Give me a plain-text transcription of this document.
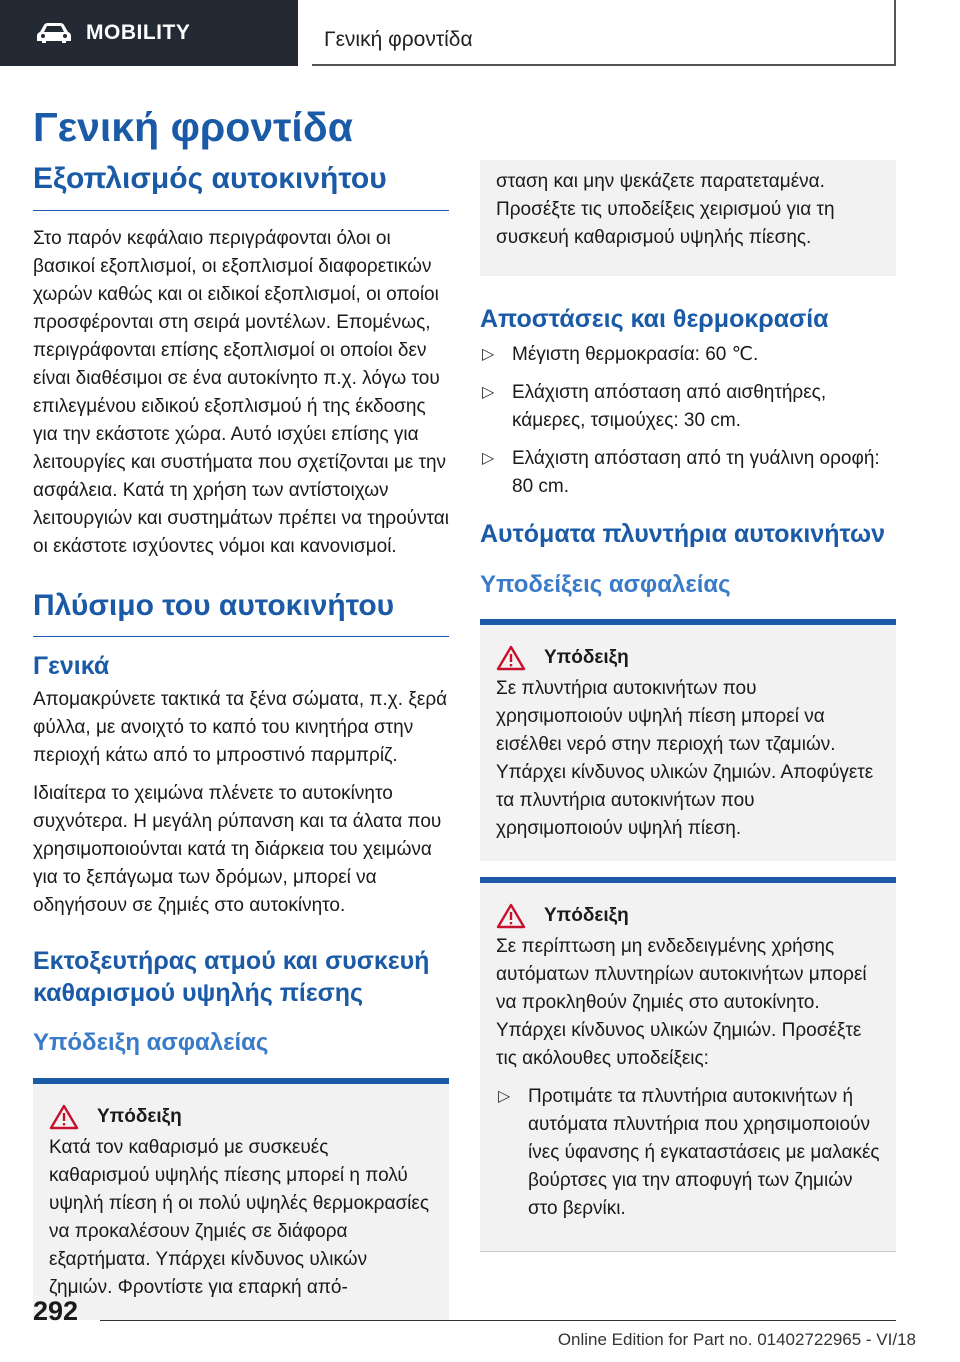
MOBILITY	Γενική φροντίδα
Γενική φροντίδα
Εξοπλισμός αυτοκινήτου

Στο παρόν κεφάλαιο περιγράφονται όλοι οι βασικοί εξοπλισμοί, οι εξοπλισμοί διαφορετικών χωρών καθώς και οι ειδικοί εξοπλισμοί, οι οποίοι προσφέρονται στη σειρά μοντέλων. Επομένως, περιγράφονται επίσης εξοπλισμοί οι οποίοι δεν είναι διαθέσιμοι σε ένα αυτοκίνητο π.χ. λόγω του επιλεγμένου ειδικού εξοπλισμού ή της έκδοσης για την εκάστοτε χώρα. Αυτό ισχύει επίσης για λειτουργίες και συστήματα που σχετίζονται με την ασφάλεια. Κατά τη χρήση των αντίστοιχων λειτουργιών και συστημάτων πρέπει να τηρούνται οι εκάστοτε ισχύοντες νόμοι και κανονισμοί.

Πλύσιμο του αυτοκινήτου
Γενικά

Απομακρύνετε τακτικά τα ξένα σώματα, π.χ. ξερά φύλλα, με ανοιχτό το καπό του κινητήρα στην περιοχή κάτω από το μπροστινό παρμπρίζ.

Ιδιαίτερα το χειμώνα πλένετε το αυτοκίνητο συχνότερα. Η μεγάλη ρύπανση και τα άλατα που χρησιμοποιούνται κατά τη διάρκεια του χειμώνα για το ξεπάγωμα των δρόμων, μπορεί να οδηγήσουν σε ζημιές στο αυτοκίνητο.

Εκτοξευτήρας ατμού και συσκευή καθαρισμού υψηλής πίεσης
Υπόδειξη ασφαλείας
Υπόδειξη

Κατά τον καθαρισμό με συσκευές καθαρισμού υψηλής πίεσης μπορεί η πολύ υψηλή πίεση ή οι πολύ υψηλές θερμοκρασίες να προκαλέσουν ζημιές σε διάφορα εξαρτήματα. Υπάρχει κίνδυνος υλικών ζημιών. Φροντίστε για επαρκή από-

σταση και μην ψεκάζετε παρατεταμένα. Προσέξτε τις υποδείξεις χειρισμού για τη συσκευή καθαρισμού υψηλής πίεσης.

Αποστάσεις και θερμοκρασία
▷ Μέγιστη θερμοκρασία: 60 ℃.
▷ Ελάχιστη απόσταση από αισθητήρες, κάμερες, τσιμούχες: 30 cm.
▷ Ελάχιστη απόσταση από τη γυάλινη οροφή: 80 cm.
Αυτόματα πλυντήρια αυτοκινήτων
Υποδείξεις ασφαλείας
Υπόδειξη

Σε πλυντήρια αυτοκινήτων που χρησιμοποιούν υψηλή πίεση μπορεί να εισέλθει νερό στην περιοχή των τζαμιών. Υπάρχει κίνδυνος υλικών ζημιών. Αποφύγετε τα πλυντήρια αυτοκινήτων που χρησιμοποιούν υψηλή πίεση.

Υπόδειξη

Σε περίπτωση μη ενδεδειγμένης χρήσης αυτόματων πλυντηρίων αυτοκινήτων μπορεί να προκληθούν ζημιές στο αυτοκίνητο. Υπάρχει κίνδυνος υλικών ζημιών. Προσέξτε τις ακόλουθες υποδείξεις:

▷ Προτιμάτε τα πλυντήρια αυτοκινήτων ή αυτόματα πλυντήρια που χρησιμοποιούν ίνες ύφανσης ή εγκαταστάσεις με μαλακές βούρτσες για την αποφυγή των ζημιών στο βερνίκι.
292
Online Edition for Part no. 01402722965 - VI/18
